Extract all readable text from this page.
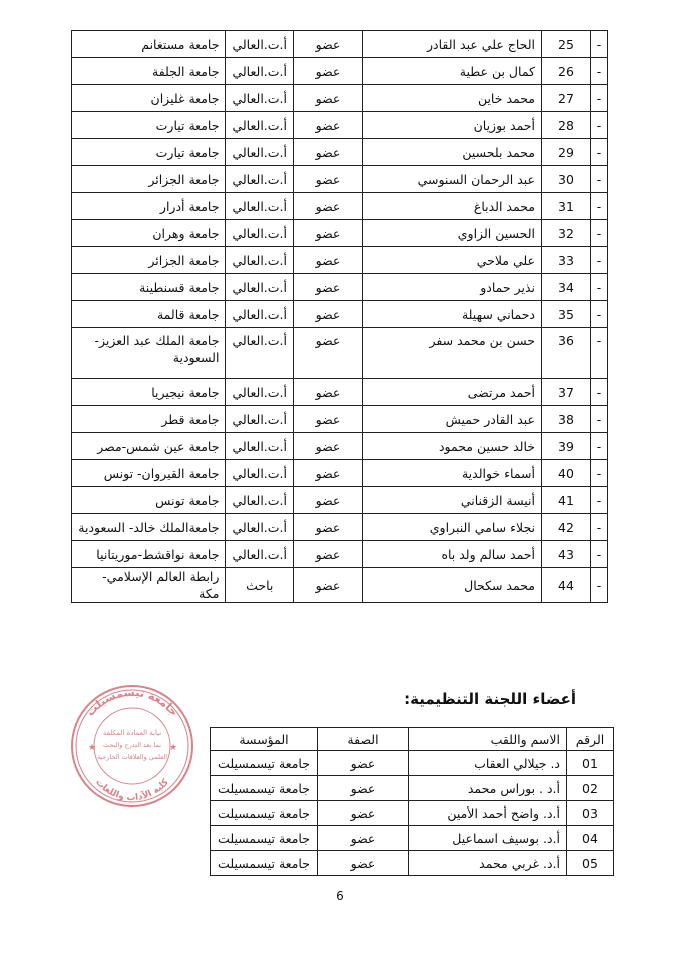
-	25	الحاج علي عبد القادر	عضو	أ.ت.العالي	جامعة مستغانم
-	26	كمال بن عطية	عضو	أ.ت.العالي	جامعة الجلفة
-	27	محمد خاين	عضو	أ.ت.العالي	جامعة غليزان
-	28	أحمد بوزيان	عضو	أ.ت.العالي	جامعة تيارت
-	29	محمد بلحسين	عضو	أ.ت.العالي	جامعة تيارت
-	30	عبد الرحمان السنوسي	عضو	أ.ت.العالي	جامعة الجزائر
-	31	محمد الدباغ	عضو	أ.ت.العالي	جامعة أدرار
-	32	الحسين الزاوي	عضو	أ.ت.العالي	جامعة وهران
-	33	علي ملاحي	عضو	أ.ت.العالي	جامعة الجزائر
-	34	نذير حمادو	عضو	أ.ت.العالي	جامعة قسنطينة
-	35	دحماني سهيلة	عضو	أ.ت.العالي	جامعة قالمة
-	36	حسن بن محمد سفر	عضو	أ.ت.العالي	جامعة الملك عبد العزيز- السعودية
-	37	أحمد مرتضى	عضو	أ.ت.العالي	جامعة نيجيريا
-	38	عبد القادر حميش	عضو	أ.ت.العالي	جامعة قطر
-	39	خالد حسين محمود	عضو	أ.ت.العالي	جامعة عين شمس-مصر
-	40	أسماء خوالدية	عضو	أ.ت.العالي	جامعة القيروان- تونس
-	41	أنيسة الزقناني	عضو	أ.ت.العالي	جامعة تونس
-	42	نجلاء سامي النبراوي	عضو	أ.ت.العالي	جامعةالملك خالد- السعودية
-	43	أحمد سالم ولد باه	عضو	أ.ت.العالي	جامعة نواقشط-موريتانيا
-	44	محمد سكحال	عضو	باحث	رابطة العالم الإسلامي- مكة
أعضاء اللجنة التنظيمية:
جامعة تيسمسيلت
كلية الآداب واللغات
نيابة العمادة المكلفة
بما بعد التدرج والبحث
العلمي والعلاقات الخارجية
★	★
الرقم	الاسم واللقب	الصفة	المؤسسة
01	د. جيلالي العقاب	عضو	جامعة تيسمسيلت
02	أ.د . بوراس محمد	عضو	جامعة تيسمسيلت
03	أ.د. واضح أحمد الأمين	عضو	جامعة تيسمسيلت
04	أ.د. بوسيف اسماعيل	عضو	جامعة تيسمسيلت
05	أ.د. غربي محمد	عضو	جامعة تيسمسيلت
6
